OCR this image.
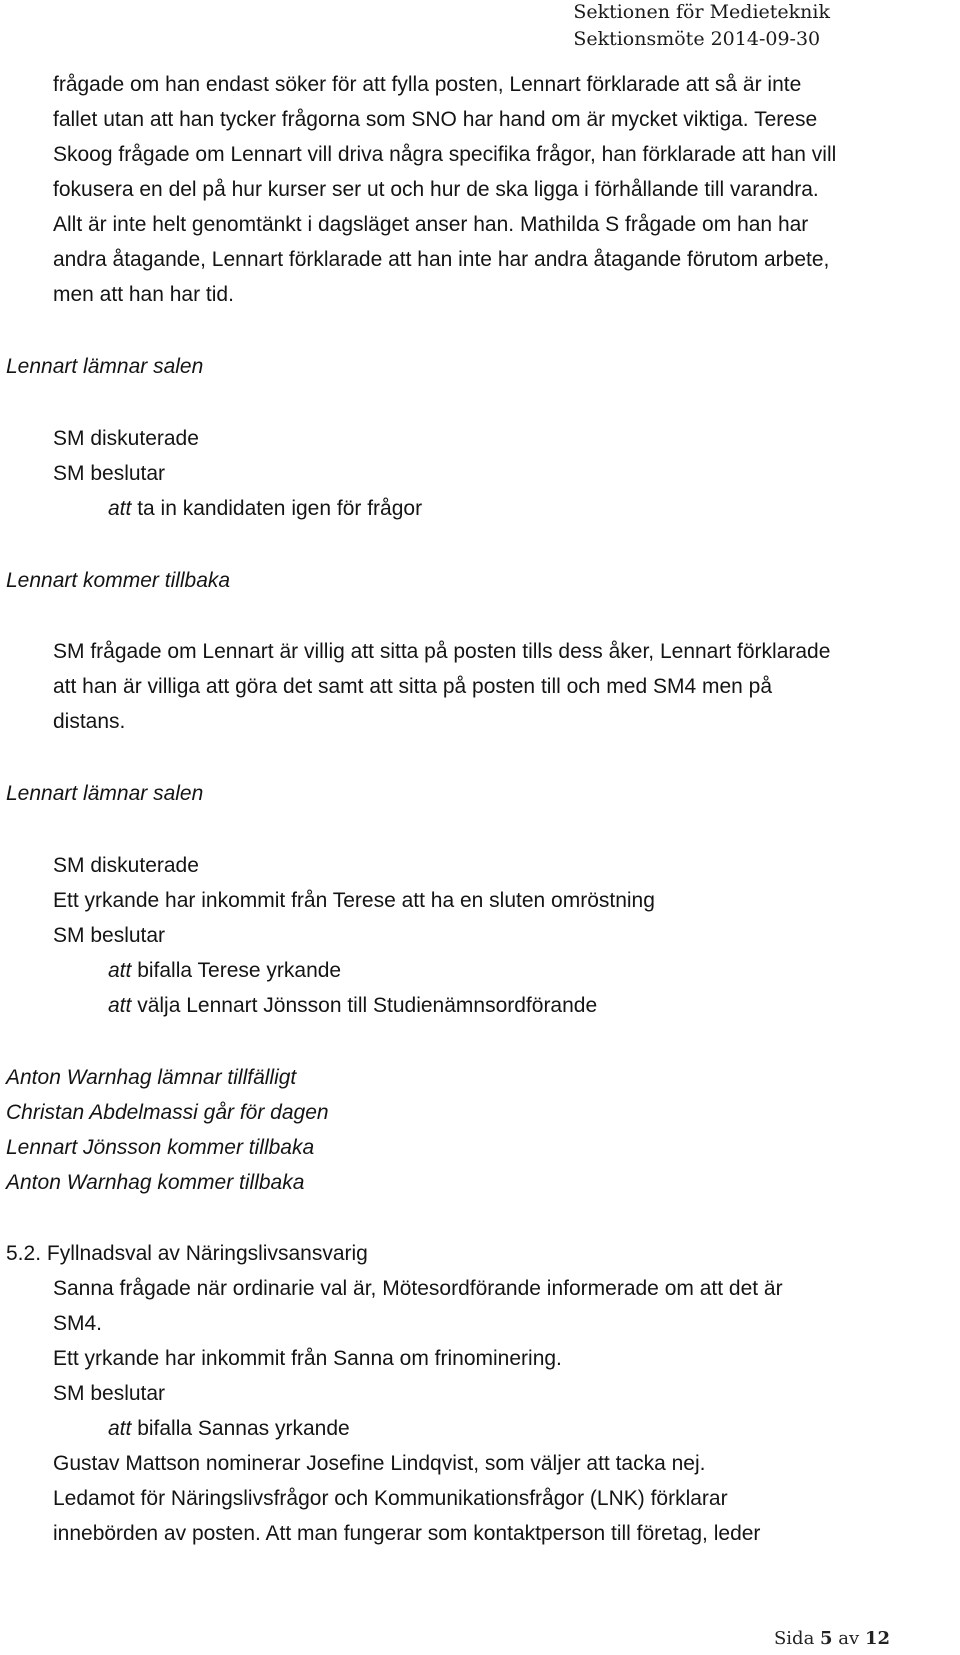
Sektionen för Medieteknik
Sektionsmöte 2014-09-30
frågade om han endast söker för att fylla posten, Lennart förklarade att så är inte
fallet utan att han tycker frågorna som SNO har hand om är mycket viktiga. Terese
Skoog frågade om Lennart vill driva några specifika frågor, han förklarade att han vill
fokusera en del på hur kurser ser ut och hur de ska ligga i förhållande till varandra.
Allt är inte helt genomtänkt i dagsläget anser han. Mathilda S frågade om han har
andra åtagande, Lennart förklarade att han inte har andra åtagande förutom arbete,
men att han har tid.
Lennart lämnar salen
SM diskuterade
SM beslutar
att ta in kandidaten igen för frågor
Lennart kommer tillbaka
SM frågade om Lennart är villig att sitta på posten tills dess åker, Lennart förklarade
att han är villiga att göra det samt att sitta på posten till och med SM4 men på
distans.
Lennart lämnar salen
SM diskuterade
Ett yrkande har inkommit från Terese att ha en sluten omröstning
SM beslutar
att bifalla Terese yrkande
att välja Lennart Jönsson till Studienämnsordförande
Anton Warnhag lämnar tillfälligt
Christan Abdelmassi går för dagen
Lennart Jönsson kommer tillbaka
Anton Warnhag kommer tillbaka
5.2. Fyllnadsval av Näringslivsansvarig
Sanna frågade när ordinarie val är, Mötesordförande informerade om att det är
SM4.
Ett yrkande har inkommit från Sanna om frinominering.
SM beslutar
att bifalla Sannas yrkande
Gustav Mattson nominerar Josefine Lindqvist, som väljer att tacka nej.
Ledamot för Näringslivsfrågor och Kommunikationsfrågor (LNK) förklarar
innebörden av posten. Att man fungerar som kontaktperson till företag, leder
Sida 5 av 12
